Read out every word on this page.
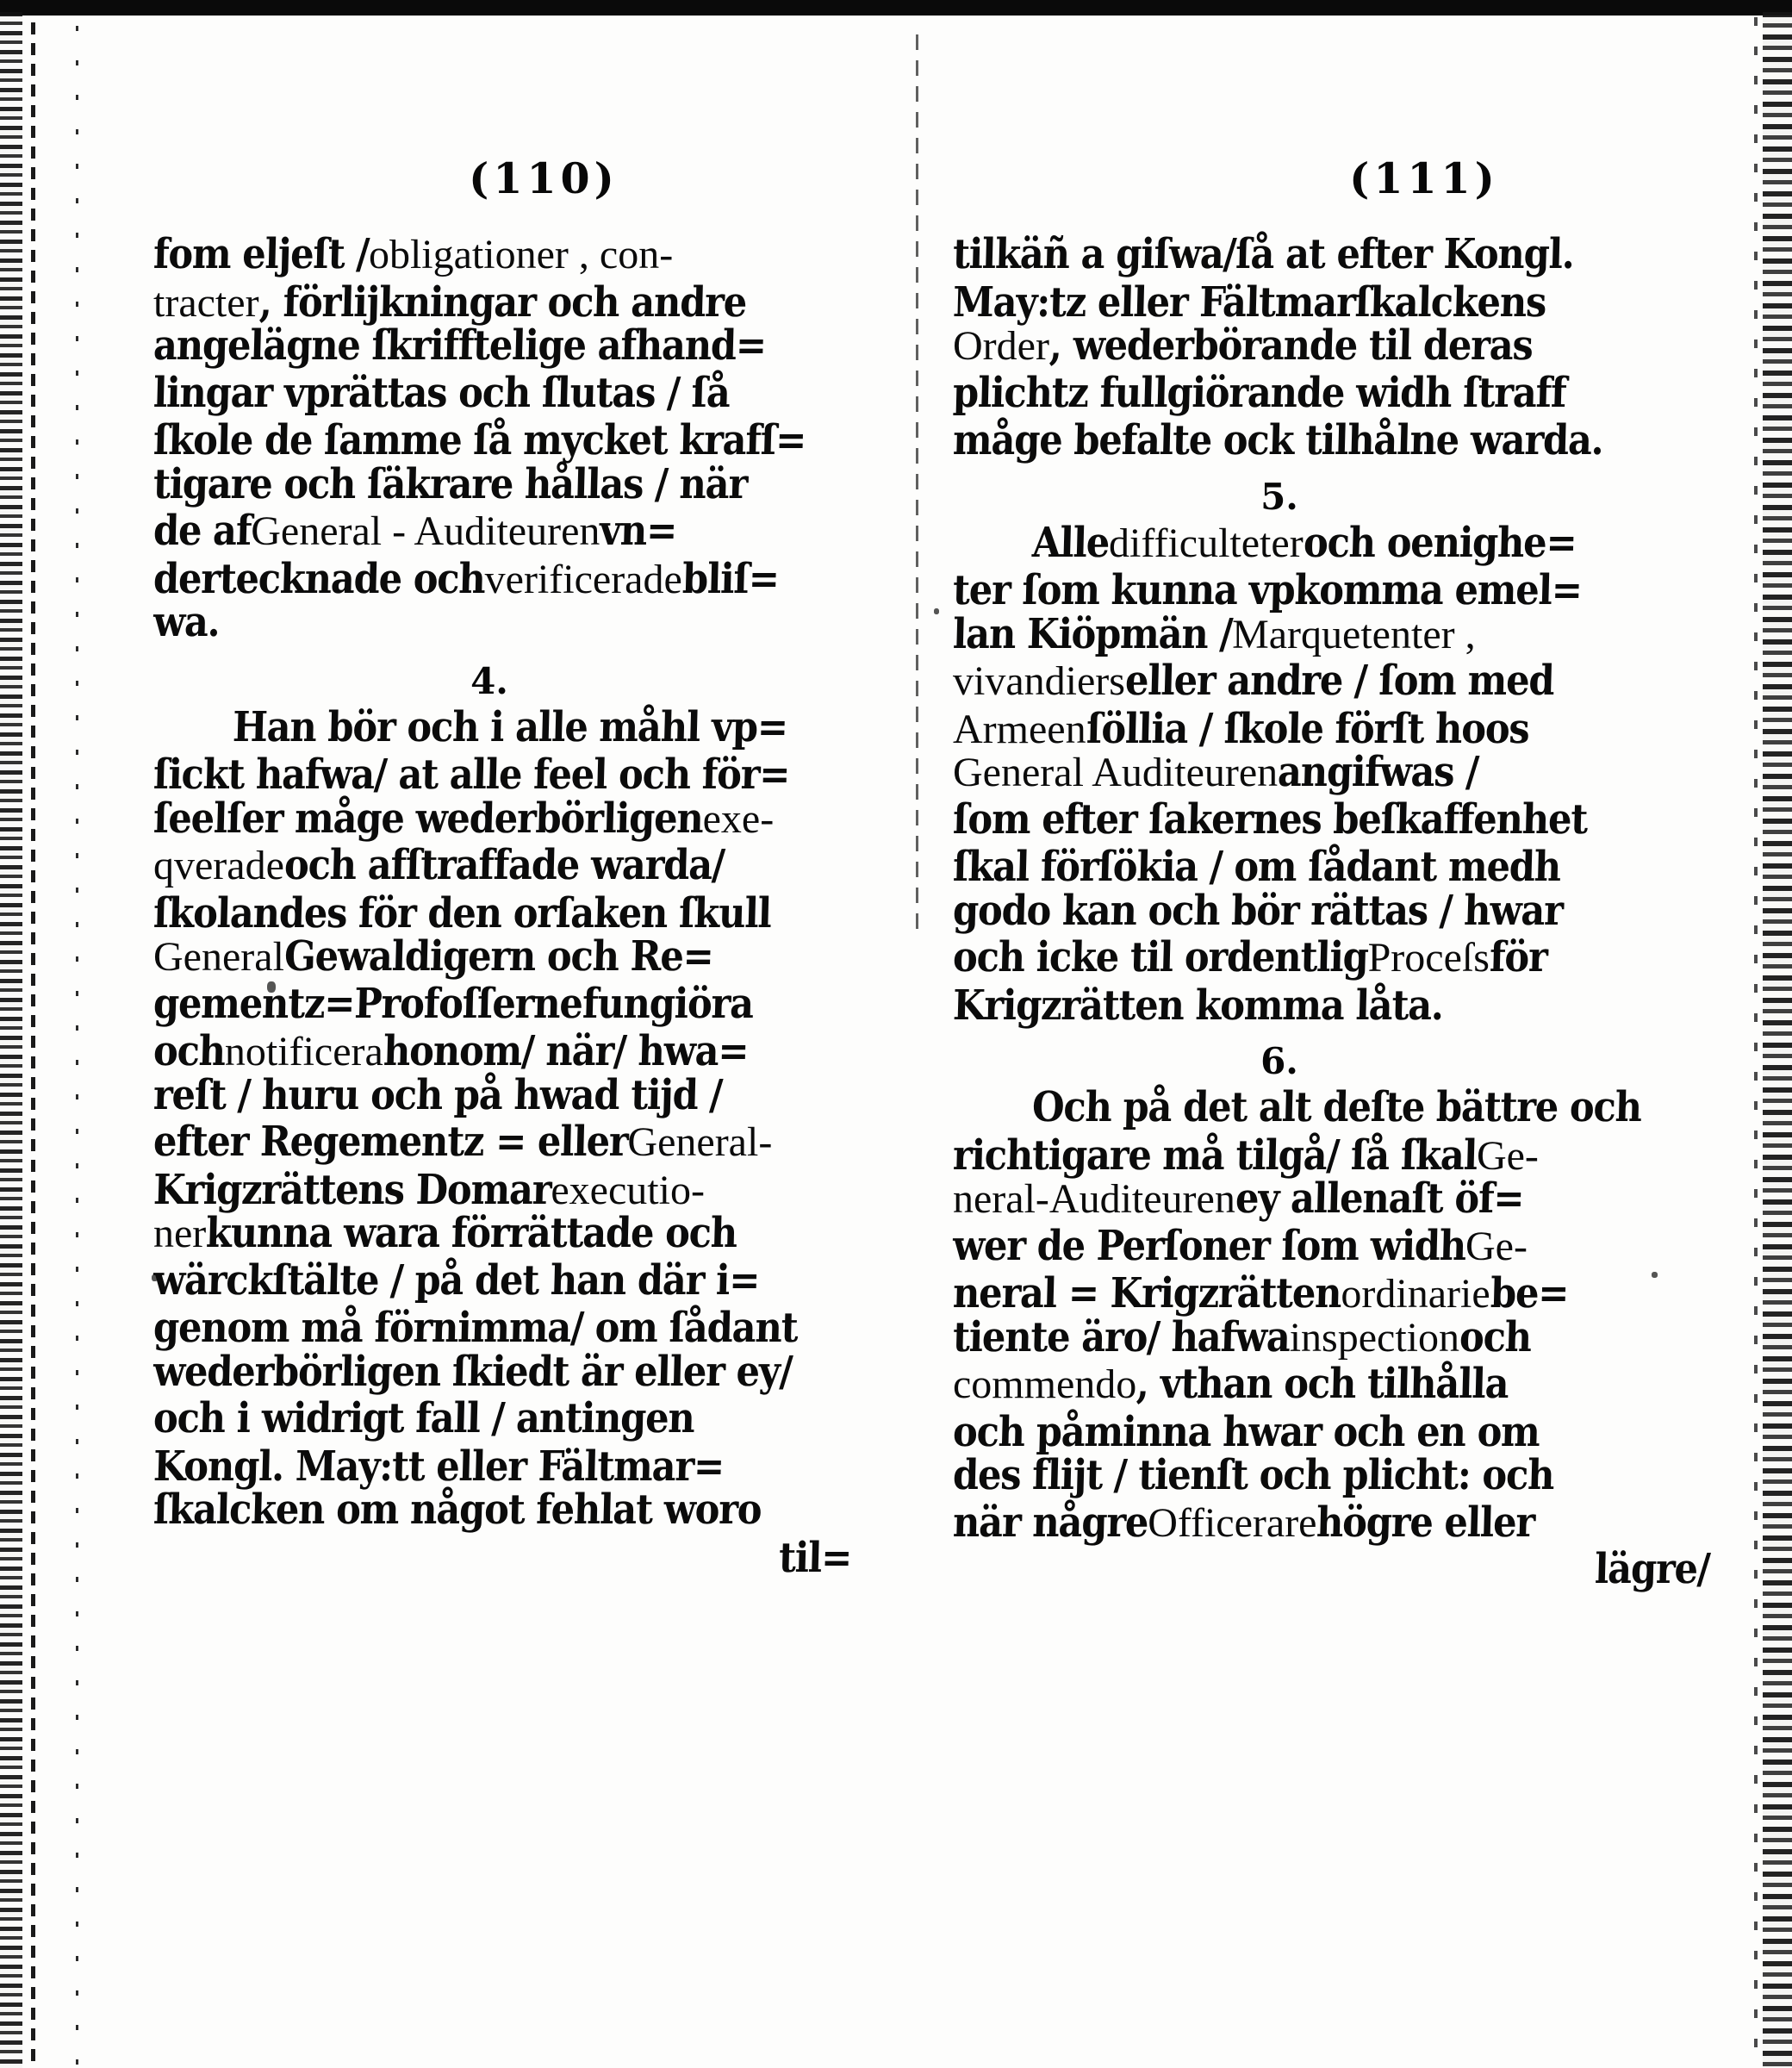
(110)
fom eljeſt /obligationer , con-
tracter, förlijkningar och andre
angelägne ſkrifftelige afhand=
lingar vprättas och ſlutas / ſå
ſkole de ſamme ſå mycket krafſ=
tigare och ſäkrare hållas / när
de afGeneral - Auditeurenvn=
dertecknade ochverificeradebliſ=
wa.
4.
Han bör och i alle måhl vp=
ſickt hafwa/ at alle feel och för=
ſeelſer måge wederbörligenexe-
qveradeoch afſtraffade warda/
ſkolandes för den orſaken ſkull
GeneralGewaldigern och Re=
gementz=Profoſſernefungiöra
ochnotificerahonom/ när/ hwa=
reſt / huru och på hwad tijd /
efter Regementz = ellerGeneral-
Krigzrättens Domarexecutio-
nerkunna wara förrättade och
wärckſtälte / på det han där i=
genom må förnimma/ om ſådant
wederbörligen ſkiedt är eller ey/
och i widrigt fall / antingen
Kongl. May:tt eller Fältmar=
ſkalcken om något fehlat woro
til=
(111)
tilkäñ a giſwa/ſå at efter Kongl.
May:tz eller Fältmarſkalckens
Order, wederbörande til deras
plichtz fullgiörande widh ſtraff
måge befalte ock tilhålne warda.
5.
Alledifficulteteroch oenighe=
ter ſom kunna vpkomma emel=
lan Kiöpmän /Marquetenter ,
vivandierseller andre / ſom med
Armeenſöllia / ſkole förſt hoos
General Auditeurenangifwas /
ſom efter ſakernes beſkaffenhet
ſkal förſökia / om ſådant medh
godo kan och bör rättas / hwar
och icke til ordentligProceſsför
Krigzrätten komma låta.
6.
Och på det alt deſte bättre och
richtigare må tilgå/ ſå ſkalGe-
neral-Auditeureney allenaſt öf=
wer de Perſoner ſom widhGe-
neral = Krigzrättenordinariebe=
tiente äro/ hafwainspectionoch
commendo, vthan och tilhålla
och påminna hwar och en om
des flijt / tienſt och plicht: och
när någreOfficerarehögre eller
lägre/
